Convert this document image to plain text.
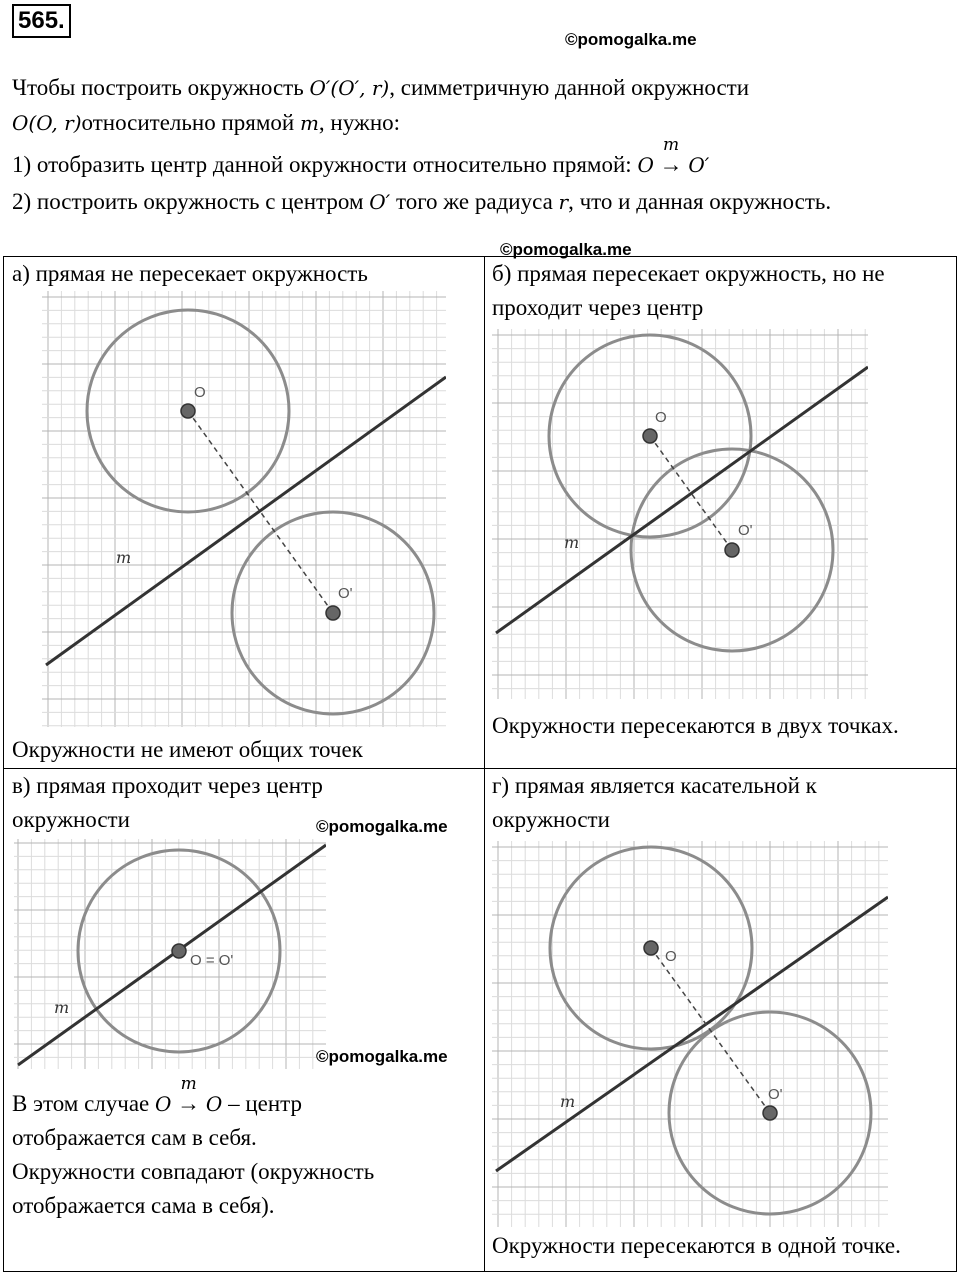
565.
©pomogalka.me
Чтобы построить окружность O′(O′, r), симметричную данной окружности
O(O, r)относительно прямой m, нужно:
1) отобразить центр данной окружности относительно прямой: O
m
→ O′
2) построить окружность с центром O′ того же радиуса r, что и данная окружность.
©pomogalka.me
а) прямая не пересекает окружность
O
O'
m
Окружности не имеют общих точек
б) прямая пересекает окружность, но не
проходит через центр
O
O'
m
Окружности пересекаются в двух точках.
в) прямая проходит через центр
окружности	©pomogalka.me
O = O'
m
©pomogalka.me
В этом случае O
m
→ O – центр
отображается сам в себя.
Окружности совпадают (окружность
отображается сама в себя).
г) прямая является касательной к
окружности
O
O'
m
Окружности пересекаются в одной точке.
